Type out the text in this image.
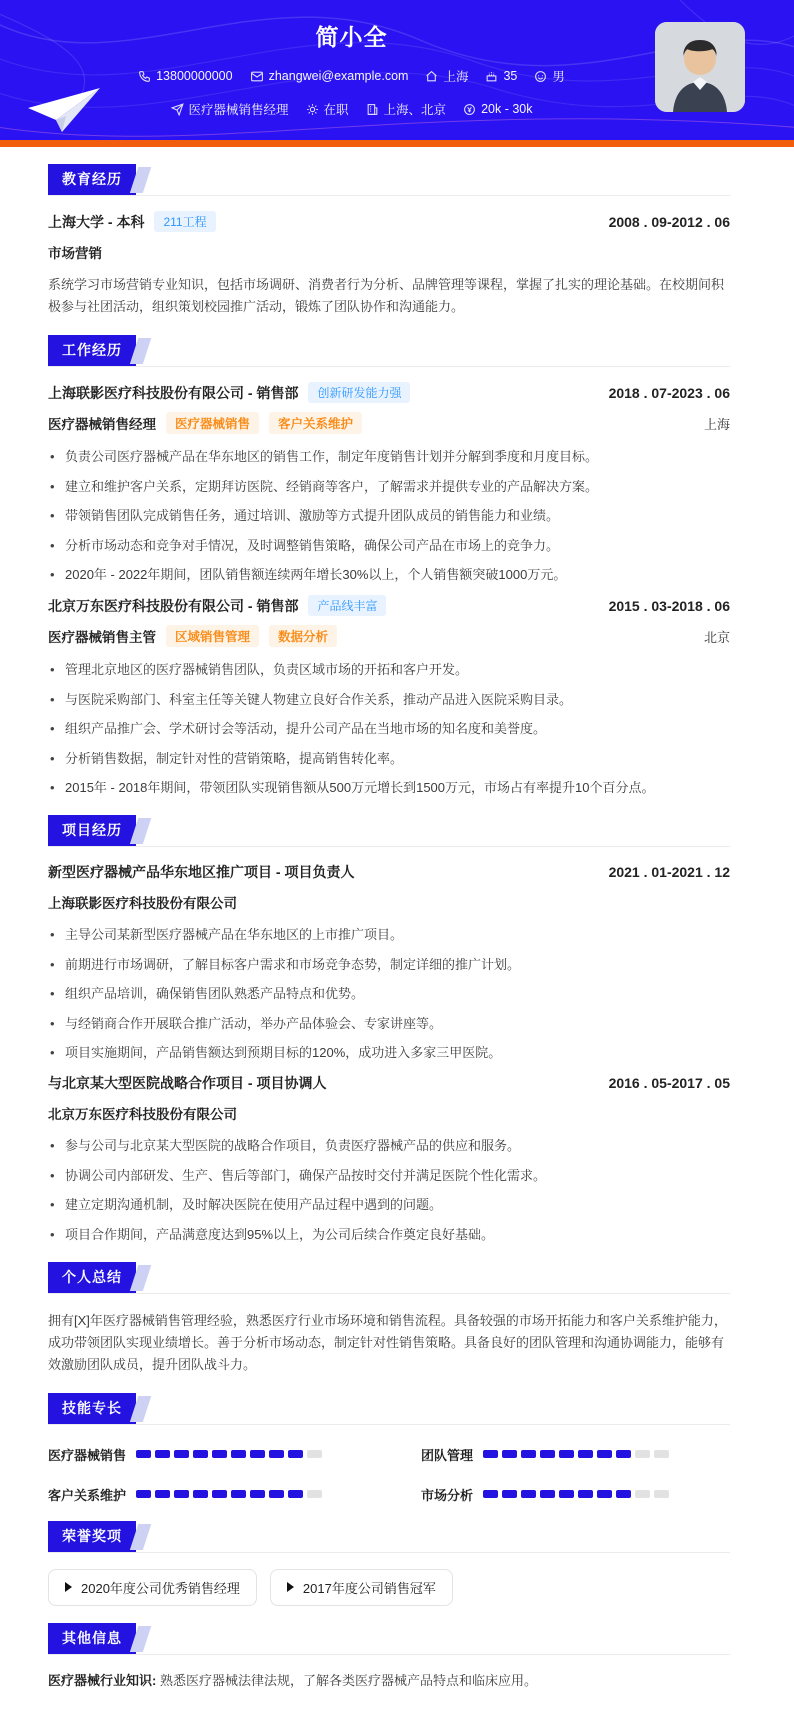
简小全
13800000000	zhangwei@example.com	上海	35	男
医疗器械销售经理	在职	上海、北京	20k - 30k
教育经历
上海大学 - 本科	211工程	2008 . 09-2012 . 06
市场营销
系统学习市场营销专业知识，包括市场调研、消费者行为分析、品牌管理等课程，掌握了扎实的理论基础。在校期间积极参与社团活动，组织策划校园推广活动，锻炼了团队协作和沟通能力。
工作经历
上海联影医疗科技股份有限公司 - 销售部	创新研发能力强	2018 . 07-2023 . 06
医疗器械销售经理	医疗器械销售	客户关系维护	上海
• 负责公司医疗器械产品在华东地区的销售工作，制定年度销售计划并分解到季度和月度目标。
• 建立和维护客户关系，定期拜访医院、经销商等客户，了解需求并提供专业的产品解决方案。
• 带领销售团队完成销售任务，通过培训、激励等方式提升团队成员的销售能力和业绩。
• 分析市场动态和竞争对手情况，及时调整销售策略，确保公司产品在市场上的竞争力。
• 2020年 - 2022年期间，团队销售额连续两年增长30%以上，个人销售额突破1000万元。
北京万东医疗科技股份有限公司 - 销售部	产品线丰富	2015 . 03-2018 . 06
医疗器械销售主管	区域销售管理	数据分析	北京
• 管理北京地区的医疗器械销售团队，负责区域市场的开拓和客户开发。
• 与医院采购部门、科室主任等关键人物建立良好合作关系，推动产品进入医院采购目录。
• 组织产品推广会、学术研讨会等活动，提升公司产品在当地市场的知名度和美誉度。
• 分析销售数据，制定针对性的营销策略，提高销售转化率。
• 2015年 - 2018年期间，带领团队实现销售额从500万元增长到1500万元，市场占有率提升10个百分点。
项目经历
新型医疗器械产品华东地区推广项目 - 项目负责人	2021 . 01-2021 . 12
上海联影医疗科技股份有限公司
• 主导公司某新型医疗器械产品在华东地区的上市推广项目。
• 前期进行市场调研，了解目标客户需求和市场竞争态势，制定详细的推广计划。
• 组织产品培训，确保销售团队熟悉产品特点和优势。
• 与经销商合作开展联合推广活动，举办产品体验会、专家讲座等。
• 项目实施期间，产品销售额达到预期目标的120%，成功进入多家三甲医院。
与北京某大型医院战略合作项目 - 项目协调人	2016 . 05-2017 . 05
北京万东医疗科技股份有限公司
• 参与公司与北京某大型医院的战略合作项目，负责医疗器械产品的供应和服务。
• 协调公司内部研发、生产、售后等部门，确保产品按时交付并满足医院个性化需求。
• 建立定期沟通机制，及时解决医院在使用产品过程中遇到的问题。
• 项目合作期间，产品满意度达到95%以上，为公司后续合作奠定良好基础。
个人总结
拥有[X]年医疗器械销售管理经验，熟悉医疗行业市场环境和销售流程。具备较强的市场开拓能力和客户关系维护能力，成功带领团队实现业绩增长。善于分析市场动态，制定针对性销售策略。具备良好的团队管理和沟通协调能力，能够有效激励团队成员，提升团队战斗力。
技能专长
医疗器械销售	团队管理
客户关系维护	市场分析
荣誉奖项
2020年度公司优秀销售经理	2017年度公司销售冠军
其他信息
医疗器械行业知识: 熟悉医疗器械法律法规，了解各类医疗器械产品特点和临床应用。
